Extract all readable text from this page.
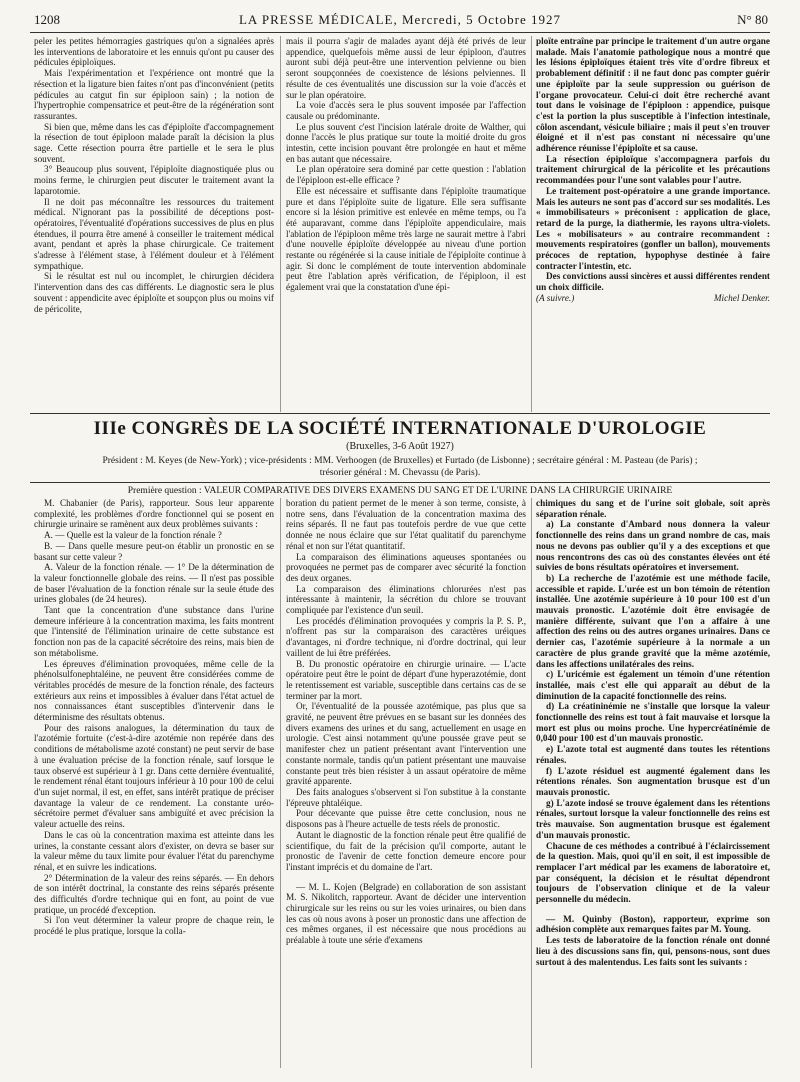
1208	LA PRESSE MÉDICALE, Mercredi, 5 Octobre 1927	N° 80

peler les petites hémorragies gastriques qu'on a signalées après les interventions de laboratoire et les ennuis qu'ont pu causer des pédicules épiploïques.

Mais l'expérimentation et l'expérience ont montré que la résection et la ligature bien faites n'ont pas d'inconvénient (petits pédicules au catgut fin sur épiploon sain) ; la notion de l'hypertrophie compensatrice et peut-être de la régénération sont rassurantes.

Si bien que, même dans les cas d'épiploïte d'accompagnement la résection de tout épiploon malade paraît la décision la plus sage. Cette résection pourra être partielle et le sera le plus souvent.

3° Beaucoup plus souvent, l'épiploïte diagnostiquée plus ou moins ferme, le chirurgien peut discuter le traitement avant la laparotomie.

Il ne doit pas méconnaître les ressources du traitement médical. N'ignorant pas la possibilité de déceptions post-opératoires, l'éventualité d'opérations successives de plus en plus étendues, il pourra être amené à conseiller le traitement médical avant, pendant et après la phase chirurgicale. Ce traitement s'adresse à l'élément stase, à l'élément douleur et à l'élément sympathique.

Si le résultat est nul ou incomplet, le chirurgien décidera l'intervention dans des cas différents. Le diagnostic sera le plus souvent : appendicite avec épiploïte et soupçon plus ou moins vif de péricolite,

mais il pourra s'agir de malades ayant déjà été privés de leur appendice, quelquefois même aussi de leur épiploon, d'autres auront subi déjà peut-être une intervention pelvienne ou bien seront soupçonnées de coexistence de lésions pelviennes. Il résulte de ces éventualités une discussion sur la voie d'accès et sur le plan opératoire.

La voie d'accès sera le plus souvent imposée par l'affection causale ou prédominante.

Le plus souvent c'est l'incision latérale droite de Walther, qui donne l'accès le plus pratique sur toute la moitié droite du gros intestin, cette incision pouvant être prolongée en haut et même en bas autant que nécessaire.

Le plan opératoire sera dominé par cette question : l'ablation de l'épiploon est-elle efficace ?

Elle est nécessaire et suffisante dans l'épiploïte traumatique pure et dans l'épiploïte suite de ligature. Elle sera suffisante encore si la lésion primitive est enlevée en même temps, ou l'a été auparavant, comme dans l'épiploïte appendiculaire, mais l'ablation de l'épiploon même très large ne saurait mettre à l'abri d'une nouvelle épiploïte développée au niveau d'une portion restante ou régénérée si la cause initiale de l'épiploïte continue à agir. Si donc le complément de toute intervention abdominale peut être l'ablation après vérification, de l'épiploon, il est également vrai que la constatation d'une épi-

ploïte entraîne par principe le traitement d'un autre organe malade. Mais l'anatomie pathologique nous a montré que les lésions épiploïques étaient très vite d'ordre fibreux et probablement définitif : il ne faut donc pas compter guérir une épiploïte par la seule suppression ou guérison de l'organe provocateur. Celui-ci doit être recherché avant tout dans le voisinage de l'épiploon : appendice, puisque c'est la portion la plus susceptible à l'infection intestinale, côlon ascendant, vésicule biliaire ; mais il peut s'en trouver éloigné et il n'est pas constant ni nécessaire qu'une adhérence réunisse l'épiploïte et sa cause.

La résection épiploïque s'accompagnera parfois du traitement chirurgical de la péricolite et les précautions recommandées pour l'une sont valables pour l'autre.

Le traitement post-opératoire a une grande importance. Mais les auteurs ne sont pas d'accord sur ses modalités. Les « immobilisateurs » préconisent : application de glace, retard de la purge, la diathermie, les rayons ultra-violets. Les « mobilisateurs » au contraire recommandent : mouvements respiratoires (gonfler un ballon), mouvements précoces de reptation, hypophyse destinée à faire contracter l'intestin, etc.

Des convictions aussi sincères et aussi différentes rendent un choix difficile.

(A suivre.)	Michel Denker.
IIIe CONGRÈS DE LA SOCIÉTÉ INTERNATIONALE D'UROLOGIE
(Bruxelles, 3-6 Août 1927)
Président : M. Keyes (de New-York) ; vice-présidents : MM. Verhoogen (de Bruxelles) et Furtado (de Lisbonne) ; secrétaire général : M. Pasteau (de Paris) ;
trésorier général : M. Chevassu (de Paris).
Première question : VALEUR COMPARATIVE DES DIVERS EXAMENS DU SANG ET DE L'URINE DANS LA CHIRURGIE URINAIRE

M. Chabanier (de Paris), rapporteur. Sous leur apparente complexité, les problèmes d'ordre fonctionnel qui se posent en chirurgie urinaire se ramènent aux deux problèmes suivants :

A. — Quelle est la valeur de la fonction rénale ?

B. — Dans quelle mesure peut-on établir un pronostic en se basant sur cette valeur ?

A. Valeur de la fonction rénale. — 1° De la détermination de la valeur fonctionnelle globale des reins. — Il n'est pas possible de baser l'évaluation de la fonction rénale sur la seule étude des urines globales (de 24 heures).

Tant que la concentration d'une substance dans l'urine demeure inférieure à la concentration maxima, les faits montrent que l'intensité de l'élimination urinaire de cette substance est fonction non pas de la capacité sécrétoire des reins, mais bien de son métabolisme.

Les épreuves d'élimination provoquées, même celle de la phénolsulfonephtaléine, ne peuvent être considérées comme de véritables procédés de mesure de la fonction rénale, des facteurs extérieurs aux reins et impossibles à évaluer dans l'état actuel de nos connaissances étant susceptibles d'intervenir dans le déterminisme des résultats obtenus.

Pour des raisons analogues, la détermination du taux de l'azotémie fortuite (c'est-à-dire azotémie non repérée dans des conditions de métabolisme azoté constant) ne peut servir de base à une évaluation précise de la fonction rénale, sauf lorsque le taux observé est supérieur à 1 gr. Dans cette dernière éventualité, le rendement rénal étant toujours inférieur à 10 pour 100 de celui d'un sujet normal, il est, en effet, sans intérêt pratique de préciser davantage la valeur de ce rendement. La constante uréo-sécrétoire permet d'évaluer sans ambiguïté et avec précision la valeur actuelle des reins.

Dans le cas où la concentration maxima est atteinte dans les urines, la constante cessant alors d'exister, on devra se baser sur la valeur même du taux limite pour évaluer l'état du parenchyme rénal, et en suivre les indications.

2° Détermination de la valeur des reins séparés. — En dehors de son intérêt doctrinal, la constante des reins séparés présente des difficultés d'ordre technique qui en font, au point de vue pratique, un procédé d'exception.

Si l'on veut déterminer la valeur propre de chaque rein, le procédé le plus pratique, lorsque la colla-

boration du patient permet de le mener à son terme, consiste, à notre sens, dans l'évaluation de la concentration maxima des reins séparés. Il ne faut pas toutefois perdre de vue que cette donnée ne nous éclaire que sur l'état qualitatif du parenchyme rénal et non sur l'état quantitatif.

La comparaison des éliminations aqueuses spontanées ou provoquées ne permet pas de comparer avec sécurité la fonction des deux organes.

La comparaison des éliminations chlorurées n'est pas intéressante à maintenir, la sécrétion du chlore se trouvant compliquée par l'existence d'un seuil.

Les procédés d'élimination provoquées y compris la P. S. P., n'offrent pas sur la comparaison des caractères uréiques d'avantages, ni d'ordre technique, ni d'ordre doctrinal, qui leur vaillent de lui être préférées.

B. Du pronostic opératoire en chirurgie urinaire. — L'acte opératoire peut être le point de départ d'une hyperazotémie, dont le retentissement est variable, susceptible dans certains cas de se terminer par la mort.

Or, l'éventualité de la poussée azotémique, pas plus que sa gravité, ne peuvent être prévues en se basant sur les données des divers examens des urines et du sang, actuellement en usage en urologie. C'est ainsi notamment qu'une poussée grave peut se manifester chez un patient présentant avant l'intervention une constante normale, tandis qu'un patient présentant une mauvaise constante peut très bien résister à un assaut opératoire de même gravité apparente.

Des faits analogues s'observent si l'on substitue à la constante l'épreuve phtaléique.

Pour décevante que puisse être cette conclusion, nous ne disposons pas à l'heure actuelle de tests réels de pronostic.

Autant le diagnostic de la fonction rénale peut être qualifié de scientifique, du fait de la précision qu'il comporte, autant le pronostic de l'avenir de cette fonction demeure encore pour l'instant imprécis et du domaine de l'art.

— M. L. Kojen (Belgrade) en collaboration de son assistant M. S. Nikolitch, rapporteur. Avant de décider une intervention chirurgicale sur les reins ou sur les voies urinaires, ou bien dans les cas où nous avons à poser un pronostic dans une affection de ces mêmes organes, il est nécessaire que nous procédions au préalable à toute une série d'examens

chimiques du sang et de l'urine soit globale, soit après séparation rénale.

a) La constante d'Ambard nous donnera la valeur fonctionnelle des reins dans un grand nombre de cas, mais nous ne devons pas oublier qu'il y a des exceptions et que nous rencontrons des cas où des constantes élevées ont été suivies de bons résultats opératoires et inversement.

b) La recherche de l'azotémie est une méthode facile, accessible et rapide. L'urée est un bon témoin de rétention installée. Une azotémie supérieure à 10 pour 100 est d'un mauvais pronostic. L'azotémie doit être envisagée de manière différente, suivant que l'on a affaire à une affection des reins ou des autres organes urinaires. Dans ce dernier cas, l'azotémie supérieure à la normale a un caractère de plus grande gravité que la même azotémie, dans les affections unilatérales des reins.

c) L'uricémie est également un témoin d'une rétention installée, mais c'est elle qui apparaît au début de la diminution de la capacité fonctionnelle des reins.

d) La créatininémie ne s'installe que lorsque la valeur fonctionnelle des reins est tout à fait mauvaise et lorsque la mort est plus ou moins proche. Une hypercréatinémie de 0,040 pour 100 est d'un mauvais pronostic.

e) L'azote total est augmenté dans toutes les rétentions rénales.

f) L'azote résiduel est augmenté également dans les rétentions rénales. Son augmentation brusque est d'un mauvais pronostic.

g) L'azote indosé se trouve également dans les rétentions rénales, surtout lorsque la valeur fonctionnelle des reins est très mauvaise. Son augmentation brusque est également d'un mauvais pronostic.

Chacune de ces méthodes a contribué à l'éclaircissement de la question. Mais, quoi qu'il en soit, il est impossible de remplacer l'art médical par les examens de laboratoire et, par conséquent, la décision et le résultat dépendront toujours de l'observation clinique et de la valeur personnelle du médecin.

— M. Quinby (Boston), rapporteur, exprime son adhésion complète aux remarques faites par M. Young.

Les tests de laboratoire de la fonction rénale ont donné lieu à des discussions sans fin, qui, pensons-nous, sont dues surtout à des malentendus. Les faits sont les suivants :
